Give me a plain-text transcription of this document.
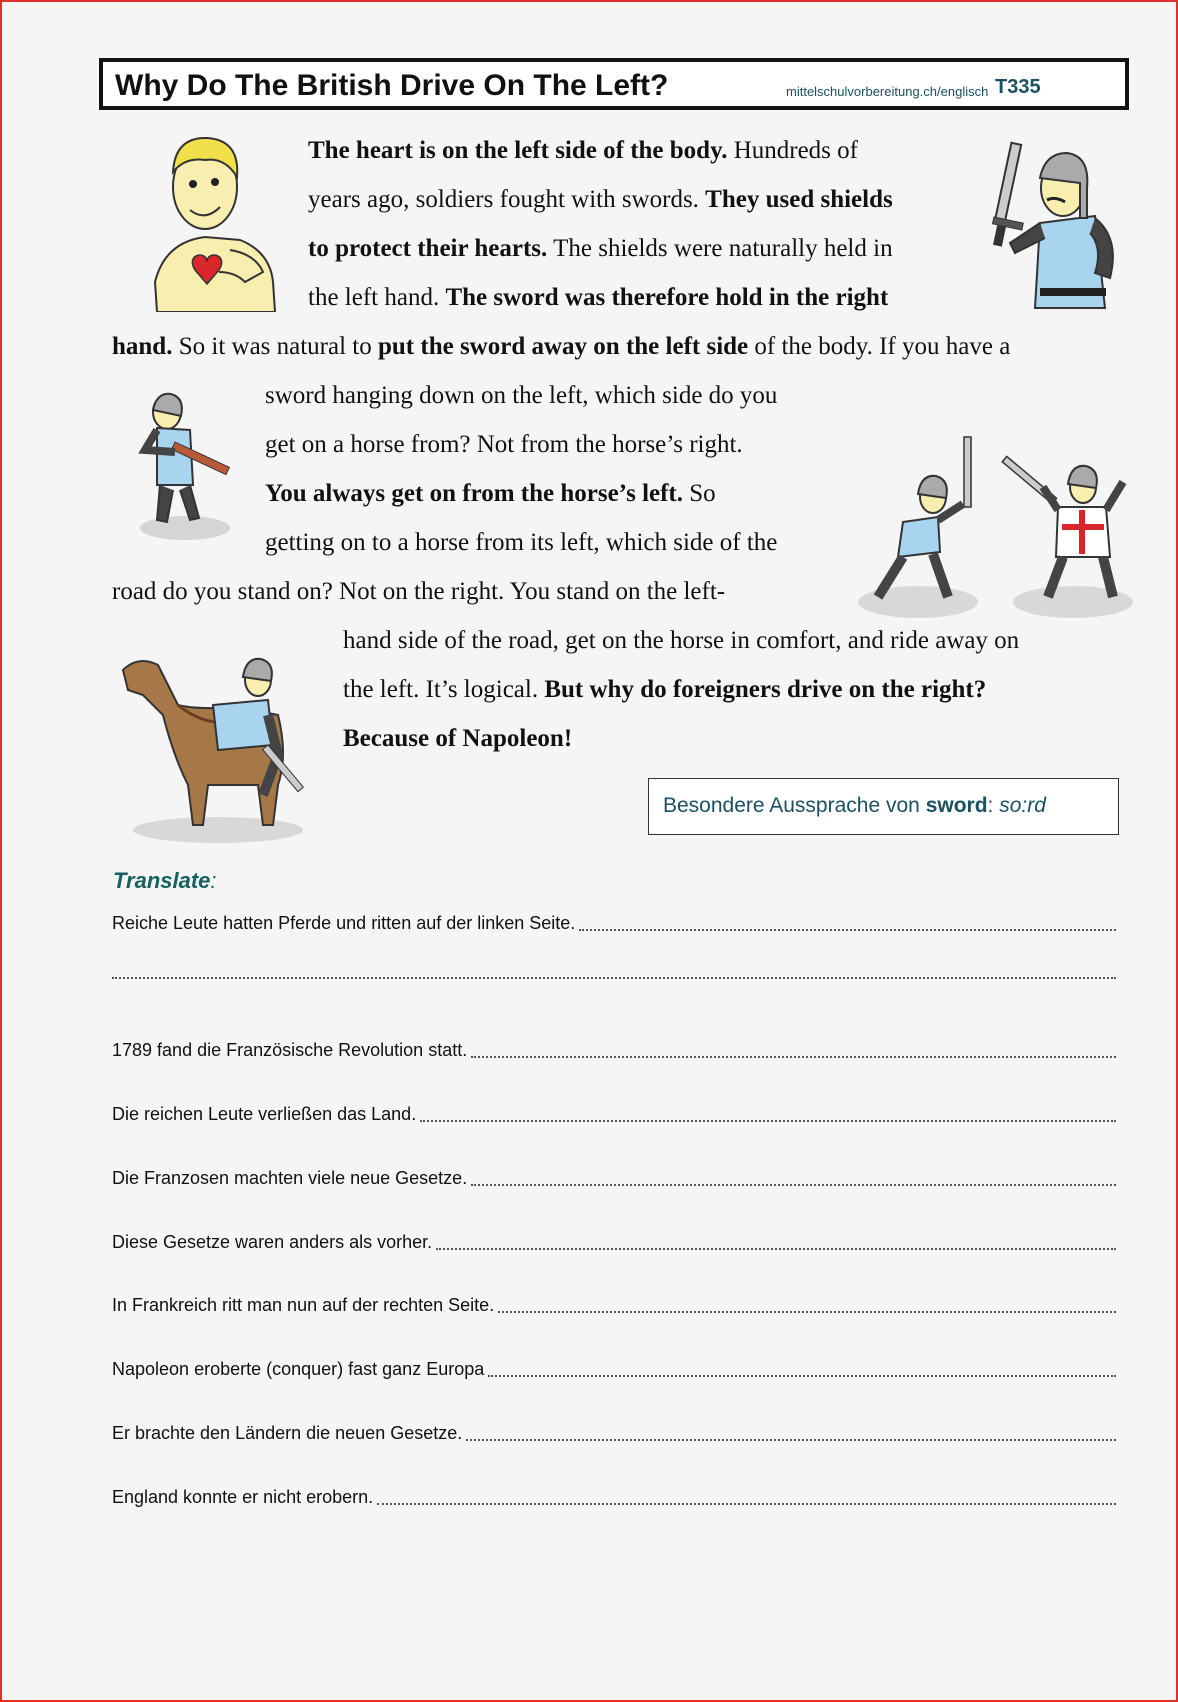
Why Do The British Drive On The Left?	mittelschulvorbereitung.ch/englisch T335
The heart is on the left side of the body. Hundreds of
years ago, soldiers fought with swords. They used shields
to protect their hearts. The shields were naturally held in
the left hand. The sword was therefore hold in the right
hand. So it was natural to put the sword away on the left side of the body. If you have a
sword hanging down on the left, which side do you
get on a horse from? Not from the horse’s right.
You always get on from the horse’s left. So
getting on to a horse from its left, which side of the
road do you stand on? Not on the right. You stand on the left-
hand side of the road, get on the horse in comfort, and ride away on
the left. It’s logical. But why do foreigners drive on the right?
Because of Napoleon!
Besondere Aussprache von sword: so:rd
Translate:
Reiche Leute hatten Pferde und ritten auf der linken Seite.
1789 fand die Französische Revolution statt.
Die reichen Leute verließen das Land.
Die Franzosen machten viele neue Gesetze.
Diese Gesetze waren anders als vorher.
In Frankreich ritt man nun auf der rechten Seite.
Napoleon eroberte (conquer) fast ganz Europa
Er brachte den Ländern die neuen Gesetze.
England konnte er nicht erobern.
